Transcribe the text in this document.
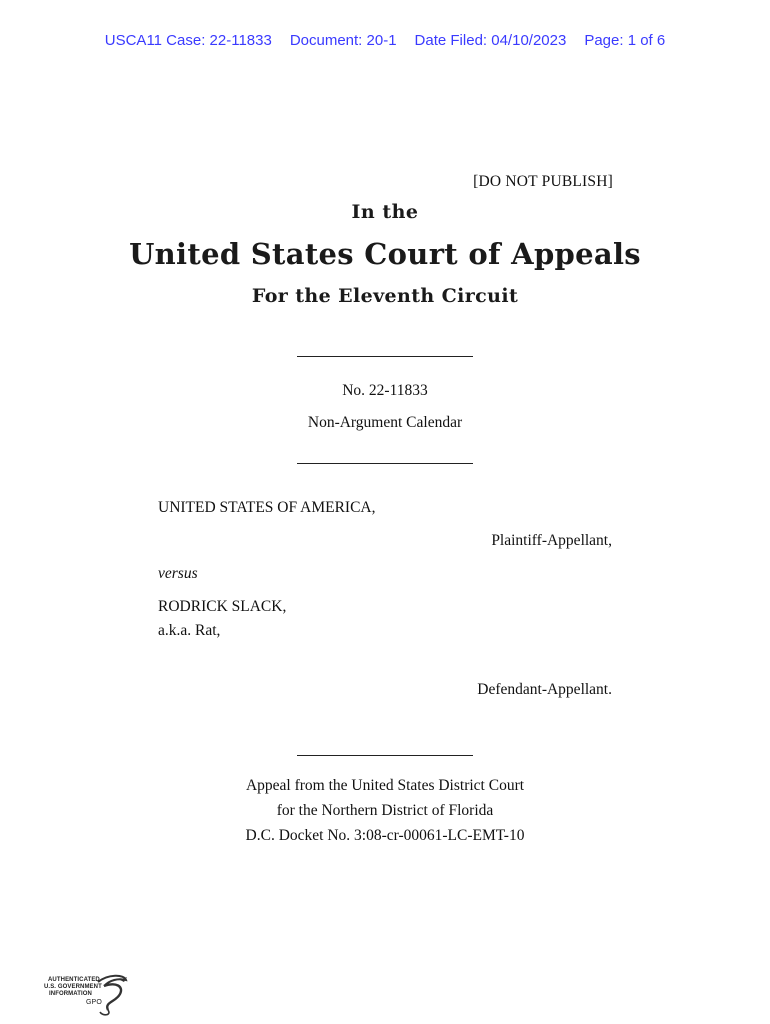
USCA11 Case: 22-11833 Document: 20-1 Date Filed: 04/10/2023 Page: 1 of 6
[DO NOT PUBLISH]
In the
United States Court of Appeals
For the Eleventh Circuit
No. 22-11833
Non-Argument Calendar
UNITED STATES OF AMERICA,
Plaintiff-Appellant,
versus
RODRICK SLACK,
a.k.a. Rat,
Defendant-Appellant.
Appeal from the United States District Court
for the Northern District of Florida
D.C. Docket No. 3:08-cr-00061-LC-EMT-10
AUTHENTICATED
U.S. GOVERNMENT
INFORMATION
GPO
